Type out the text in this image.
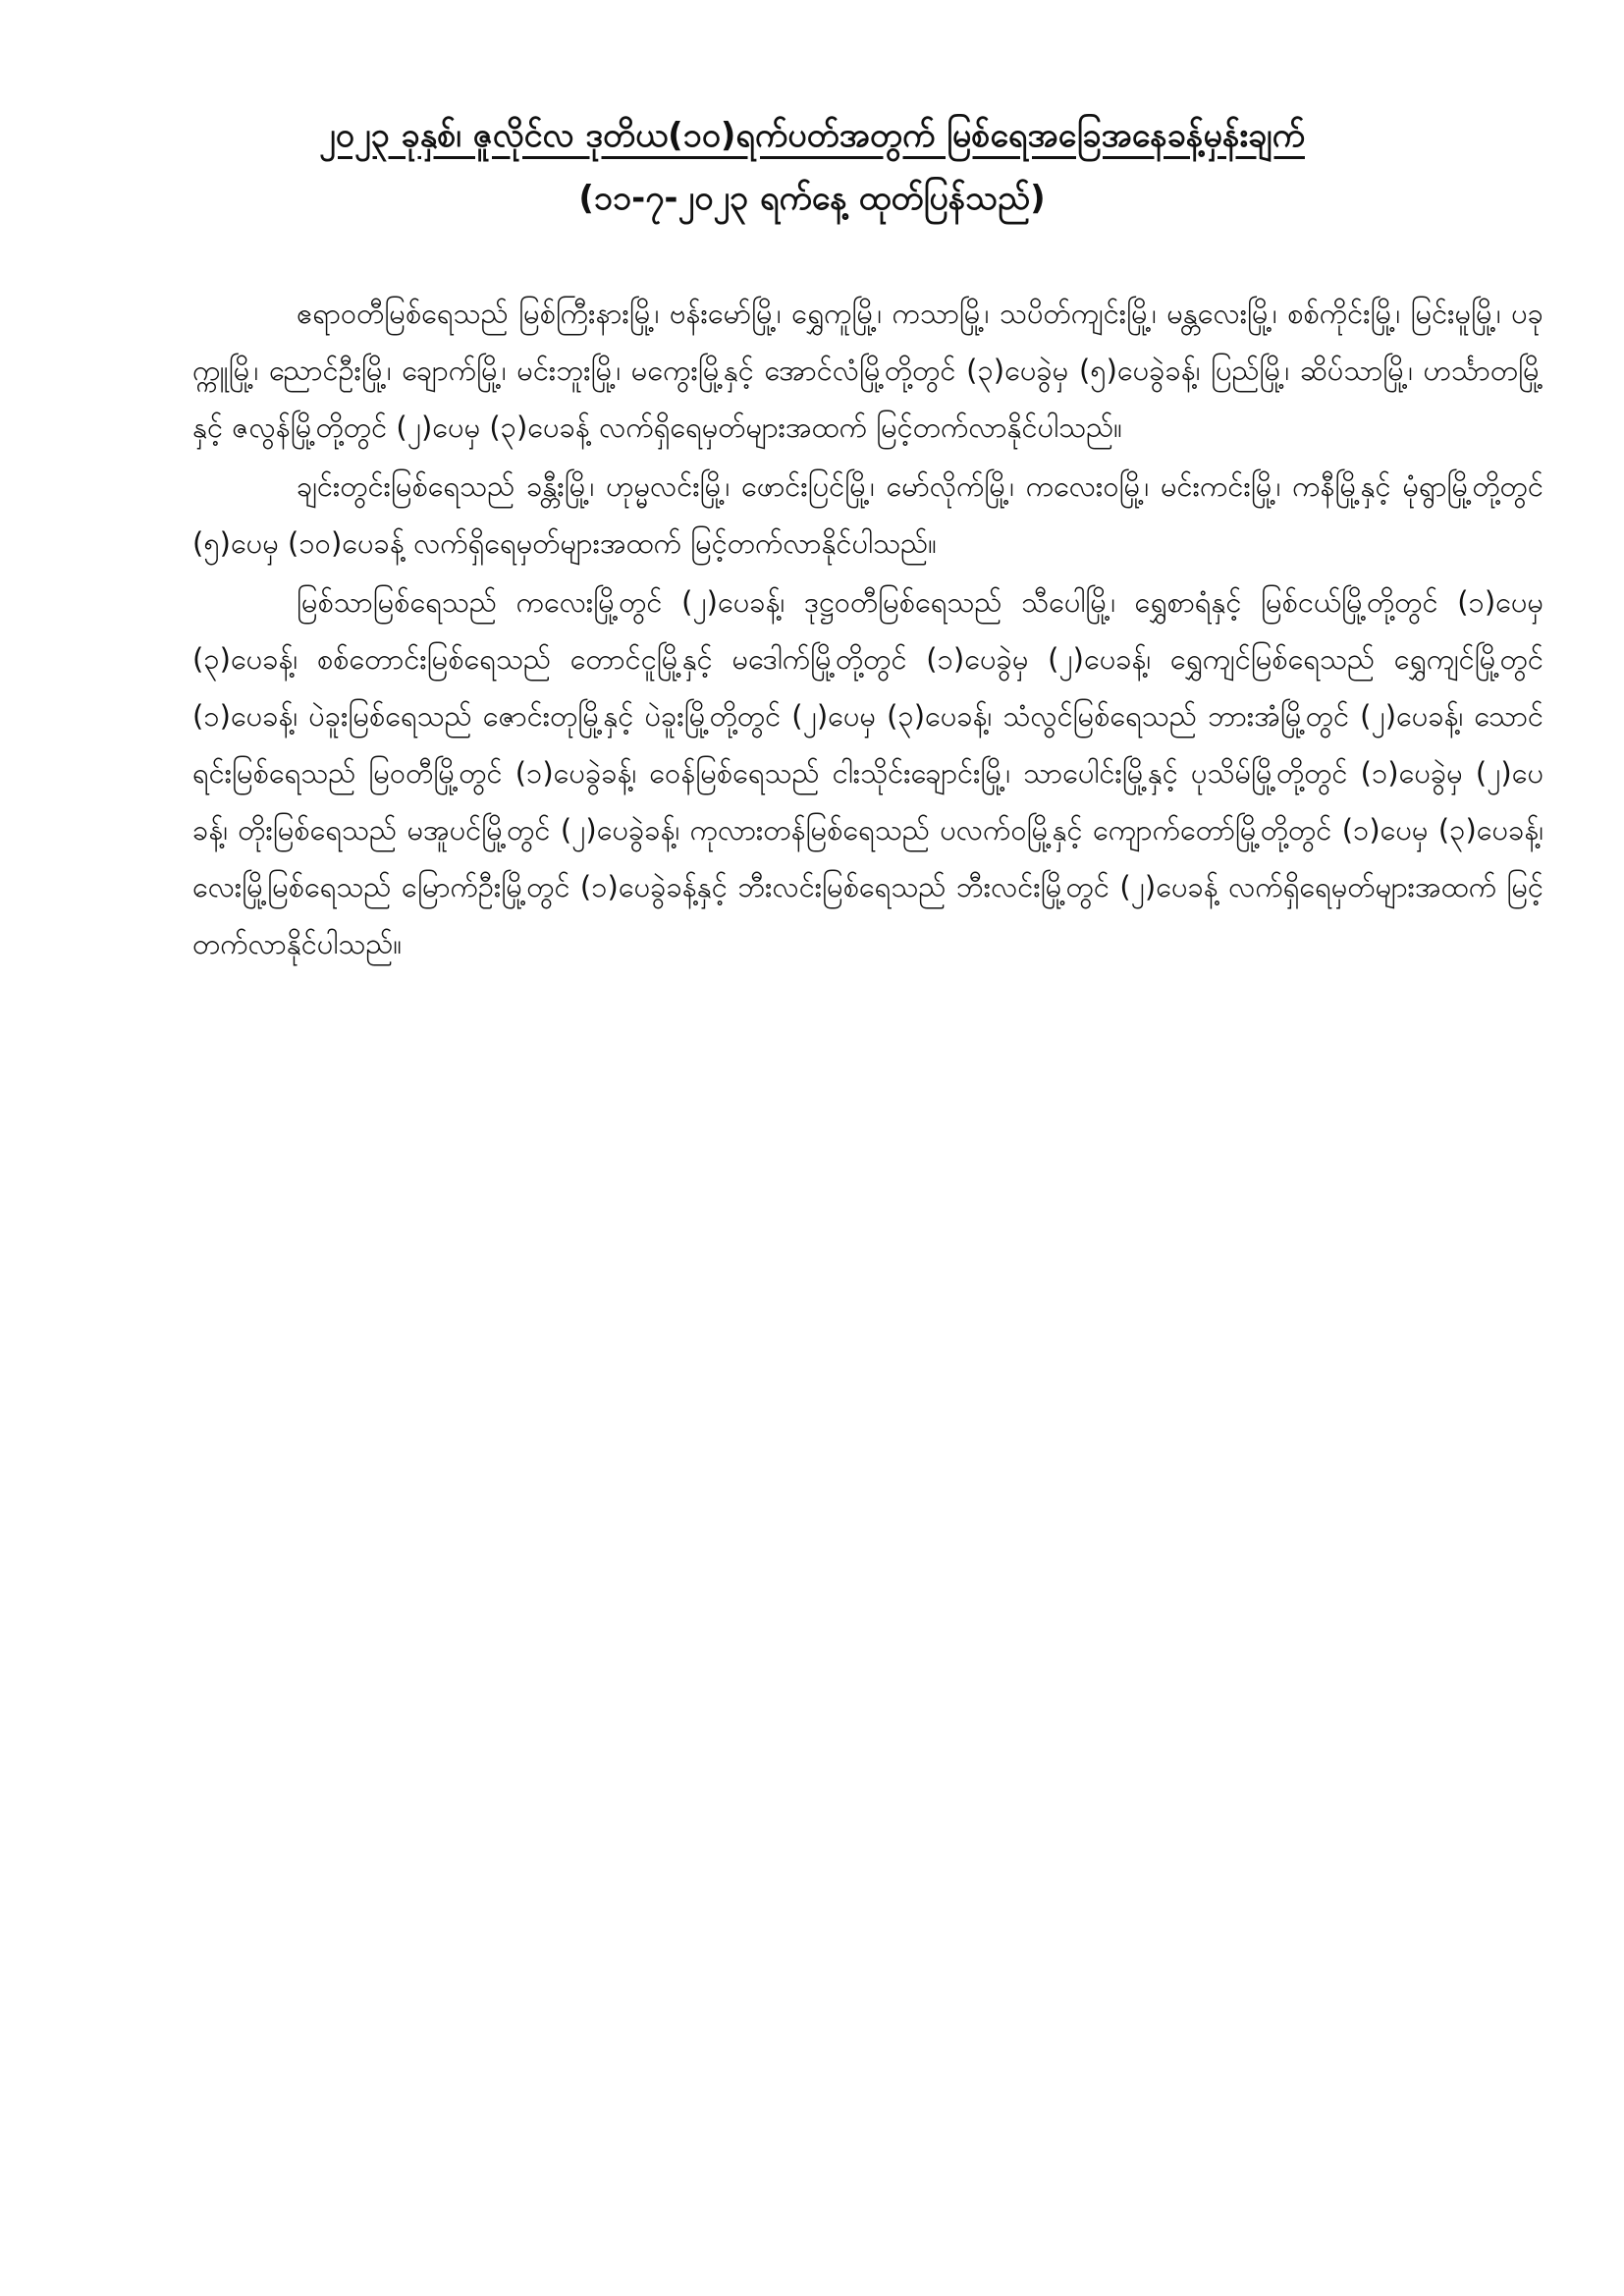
၂၀၂၃ ခုနှစ်၊ ဇူလိုင်လ ဒုတိယ(၁၀)ရက်ပတ်အတွက် မြစ်ရေအခြေအနေခန့်မှန်းချက်
(၁၁-၇-၂၀၂၃ ရက်နေ့ ထုတ်ပြန်သည်)

ဧရာဝတီမြစ်ရေသည် မြစ်ကြီးနားမြို့၊ ဗန်းမော်မြို့၊ ရွှေကူမြို့၊ ကသာမြို့၊ သပိတ်ကျင်းမြို့၊ မန္တလေးမြို့၊ စစ်ကိုင်းမြို့၊ မြင်းမူမြို့၊ ပခုက္ကူမြို့၊ ညောင်ဦးမြို့၊ ချောက်မြို့၊ မင်းဘူးမြို့၊ မကွေးမြို့နှင့် အောင်လံမြို့တို့တွင် (၃)ပေခွဲမှ (၅)ပေခွဲခန့်၊ ပြည်မြို့၊ ဆိပ်သာမြို့၊ ဟင်္သာတမြို့နှင့် ဇလွန်မြို့တို့တွင် (၂)ပေမှ (၃)ပေခန့် လက်ရှိရေမှတ်များအထက် မြင့်တက်လာနိုင်ပါသည်။

ချင်းတွင်းမြစ်ရေသည် ခန္တီးမြို့၊ ဟုမ္မလင်းမြို့၊ ဖောင်းပြင်မြို့၊ မော်လိုက်မြို့၊ ကလေးဝမြို့၊ မင်းကင်းမြို့၊ ကနီမြို့နှင့် မုံရွာမြို့တို့တွင် (၅)ပေမှ (၁၀)ပေခန့် လက်ရှိရေမှတ်များအထက် မြင့်တက်လာနိုင်ပါသည်။

မြစ်သာမြစ်ရေသည် ကလေးမြို့တွင် (၂)ပေခန့်၊ ဒုဋ္ဌဝတီမြစ်ရေသည် သီပေါမြို့၊ ရွှေစာရံနှင့် မြစ်ငယ်မြို့တို့တွင် (၁)ပေမှ (၃)ပေခန့်၊ စစ်တောင်းမြစ်ရေသည် တောင်ငူမြို့နှင့် မဒေါက်မြို့တို့တွင် (၁)ပေခွဲမှ (၂)ပေခန့်၊ ရွှေကျင်မြစ်ရေသည် ရွှေကျင်မြို့တွင် (၁)ပေခန့်၊ ပဲခူးမြစ်ရေသည် ဇောင်းတုမြို့နှင့် ပဲခူးမြို့တို့တွင် (၂)ပေမှ (၃)ပေခန့်၊ သံလွင်မြစ်ရေသည် ဘားအံမြို့တွင် (၂)ပေခန့်၊ သောင်ရင်းမြစ်ရေသည် မြဝတီမြို့တွင် (၁)ပေခွဲခန့်၊ ဝေန်မြစ်ရေသည် ငါးသိုင်းချောင်းမြို့၊ သာပေါင်းမြို့နှင့် ပုသိမ်မြို့တို့တွင် (၁)ပေခွဲမှ (၂)ပေခန့်၊ တိုးမြစ်ရေသည် မအူပင်မြို့တွင် (၂)ပေခွဲခန့်၊ ကုလားတန်မြစ်ရေသည် ပလက်ဝမြို့နှင့် ကျောက်တော်မြို့တို့တွင် (၁)ပေမှ (၃)ပေခန့်၊ လေးမြို့မြစ်ရေသည် မြောက်ဦးမြို့တွင် (၁)ပေခွဲခန့်နှင့် ဘီးလင်းမြစ်ရေသည် ဘီးလင်းမြို့တွင် (၂)ပေခန့် လက်ရှိရေမှတ်များအထက် မြင့်တက်လာနိုင်ပါသည်။
